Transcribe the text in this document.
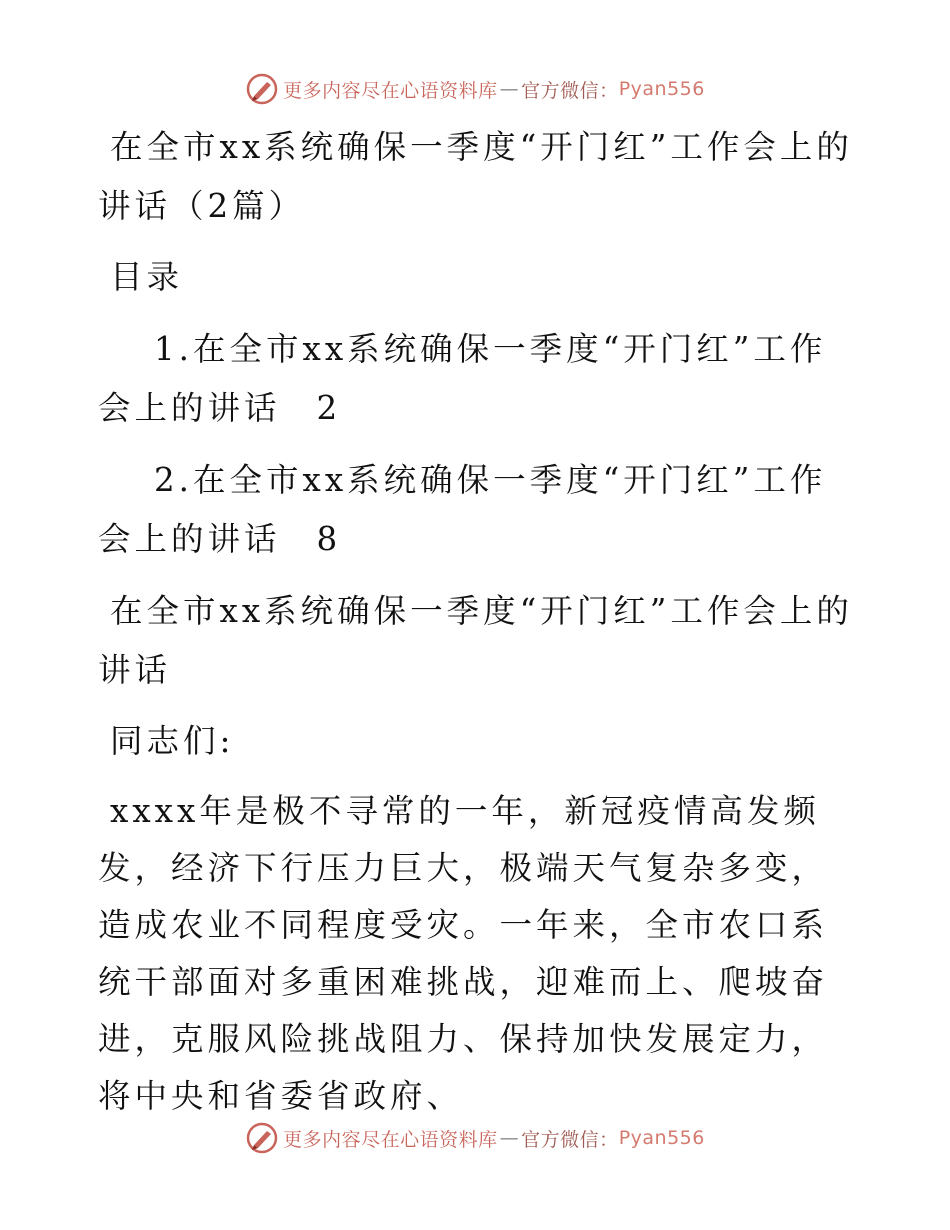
更多内容尽在心语资料库 — 官方微信： Pyan556

在全市xx系统确保一季度“开门红”工作会上的讲话（2篇）

目录

1.在全市xx系统确保一季度“开门红”工作会上的讲话 2

2.在全市xx系统确保一季度“开门红”工作会上的讲话 8

在全市xx系统确保一季度“开门红”工作会上的讲话

同志们:

xxxx年是极不寻常的一年，新冠疫情高发频发，经济下行压力巨大，极端天气复杂多变，造成农业不同程度受灾。一年来，全市农口系统干部面对多重困难挑战，迎难而上、爬坡奋进，克服风险挑战阻力、保持加快发展定力，将中央和省委省政府、

更多内容尽在心语资料库 — 官方微信： Pyan556
